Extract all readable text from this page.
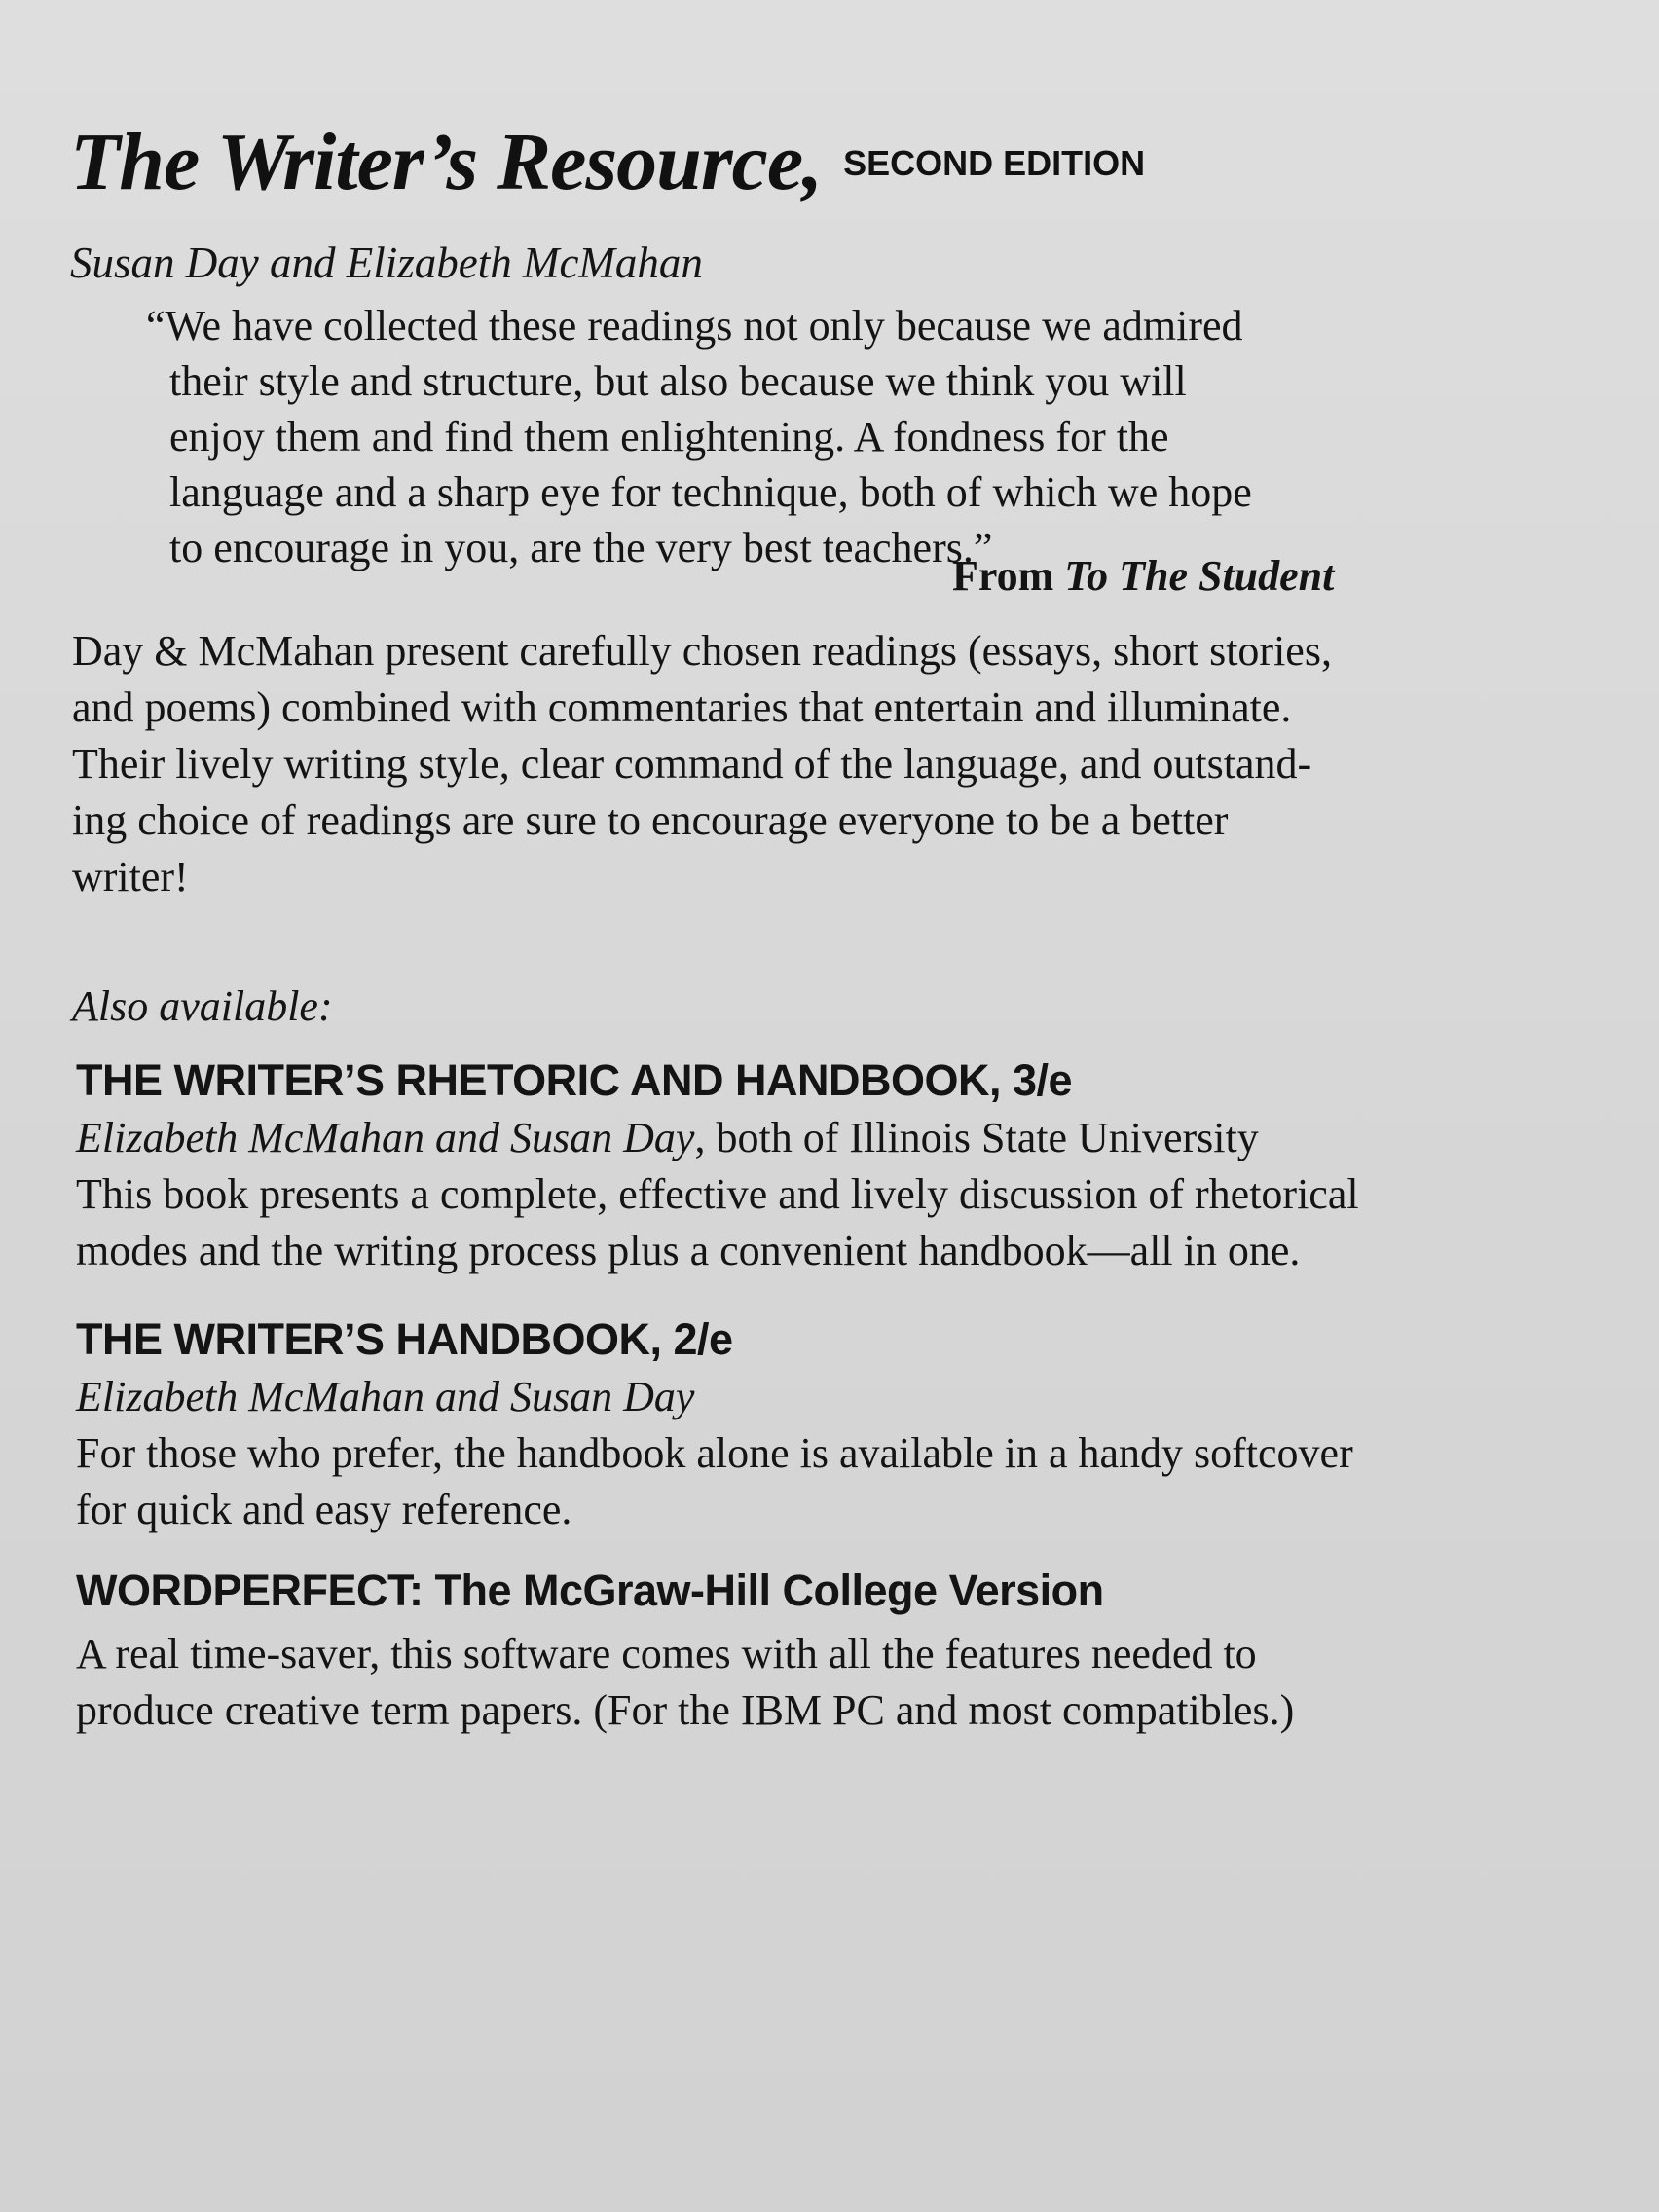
The Writer’s Resource, SECOND EDITION

Susan Day and Elizabeth McMahan

“We have collected these readings not only because we admired
their style and structure, but also because we think you will
enjoy them and find them enlightening. A fondness for the
language and a sharp eye for technique, both of which we hope
to encourage in you, are the very best teachers.”

From To The Student

Day & McMahan present carefully chosen readings (essays, short stories,
and poems) combined with commentaries that entertain and illuminate.
Their lively writing style, clear command of the language, and outstand-
ing choice of readings are sure to encourage everyone to be a better
writer!

Also available:

THE WRITER’S RHETORIC AND HANDBOOK, 3/e

Elizabeth McMahan and Susan Day, both of Illinois State University

This book presents a complete, effective and lively discussion of rhetorical
modes and the writing process plus a convenient handbook—all in one.

THE WRITER’S HANDBOOK, 2/e

Elizabeth McMahan and Susan Day

For those who prefer, the handbook alone is available in a handy softcover
for quick and easy reference.

WORDPERFECT: The McGraw-Hill College Version

A real time-saver, this software comes with all the features needed to
produce creative term papers. (For the IBM PC and most compatibles.)
